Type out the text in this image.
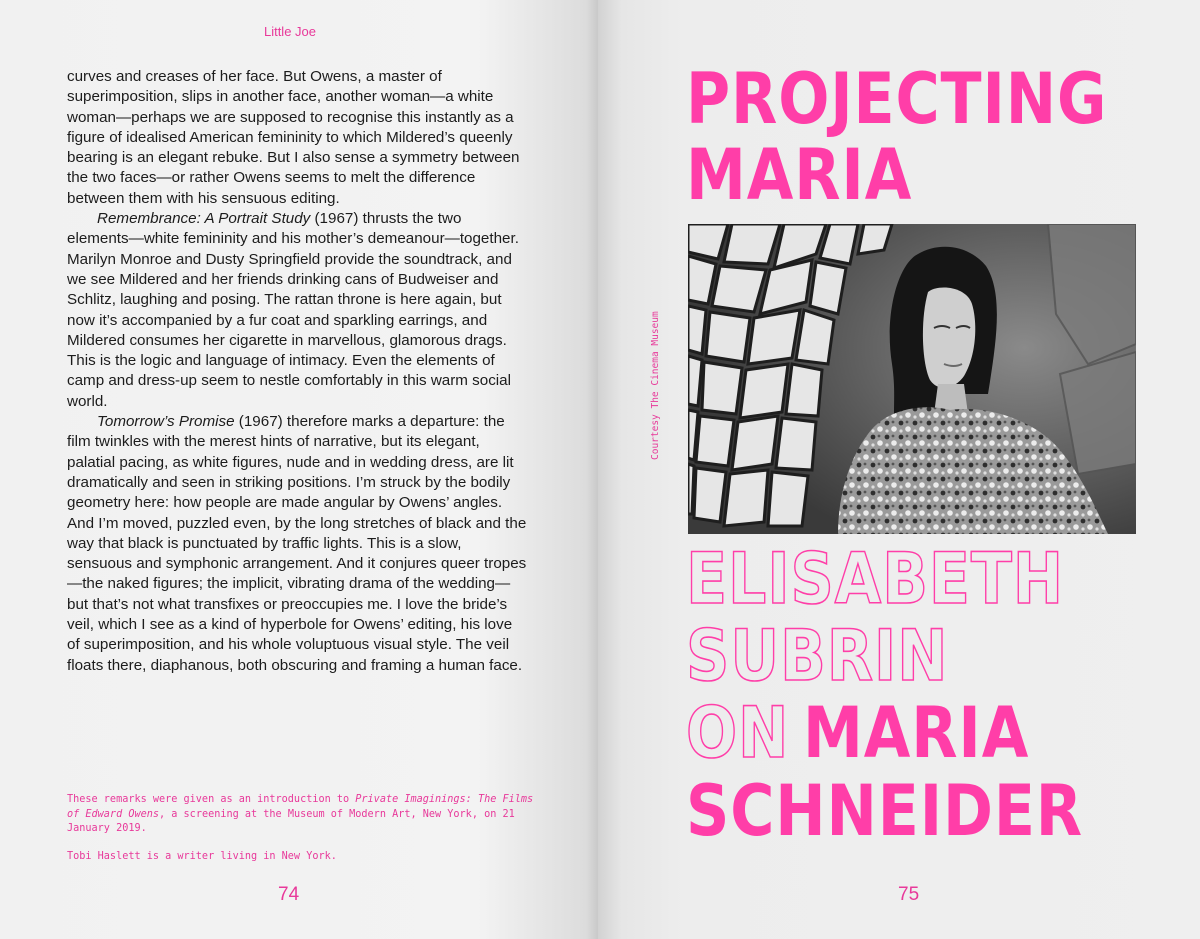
Little Joe

curves and creases of her face. But Owens, a master of superimposition, slips in another face, another woman—a white woman—perhaps we are supposed to recognise this instantly as a figure of idealised American femininity to which Mildered’s queenly bearing is an elegant rebuke. But I also sense a symmetry between the two faces—or rather Owens seems to melt the difference between them with his sensuous editing.

Remembrance: A Portrait Study (1967) thrusts the two elements—white femininity and his mother’s demeanour—together. Marilyn Monroe and Dusty Springfield provide the soundtrack, and we see Mildered and her friends drinking cans of Budweiser and Schlitz, laughing and posing. The rattan throne is here again, but now it’s accompanied by a fur coat and sparkling earrings, and Mildered consumes her cigarette in marvellous, glamorous drags. This is the logic and language of intimacy. Even the elements of camp and dress-up seem to nestle comfortably in this warm social world.

Tomorrow’s Promise (1967) therefore marks a departure: the film twinkles with the merest hints of narrative, but its elegant, palatial pacing, as white figures, nude and in wedding dress, are lit dramatically and seen in striking positions. I’m struck by the bodily geometry here: how people are made angular by Owens’ angles. And I’m moved, puzzled even, by the long stretches of black and the way that black is punctuated by traffic lights. This is a slow, sensuous and symphonic arrangement. And it conjures queer tropes—the naked figures; the implicit, vibrating drama of the wedding—but that’s not what transfixes or preoccupies me. I love the bride’s veil, which I see as a kind of hyperbole for Owens’ editing, his love of superimposition, and his whole voluptuous visual style. The veil floats there, diaphanous, both obscuring and framing a human face.

These remarks were given as an introduction to Private Imaginings: The Films of Edward Owens, a screening at the Museum of Modern Art, New York, on 21 January 2019.

Tobi Haslett is a writer living in New York.

74
PROJECTING
MARIA
Courtesy The Cinema Museum
ELISABETH
SUBRIN
ON MARIA
SCHNEIDER
75
